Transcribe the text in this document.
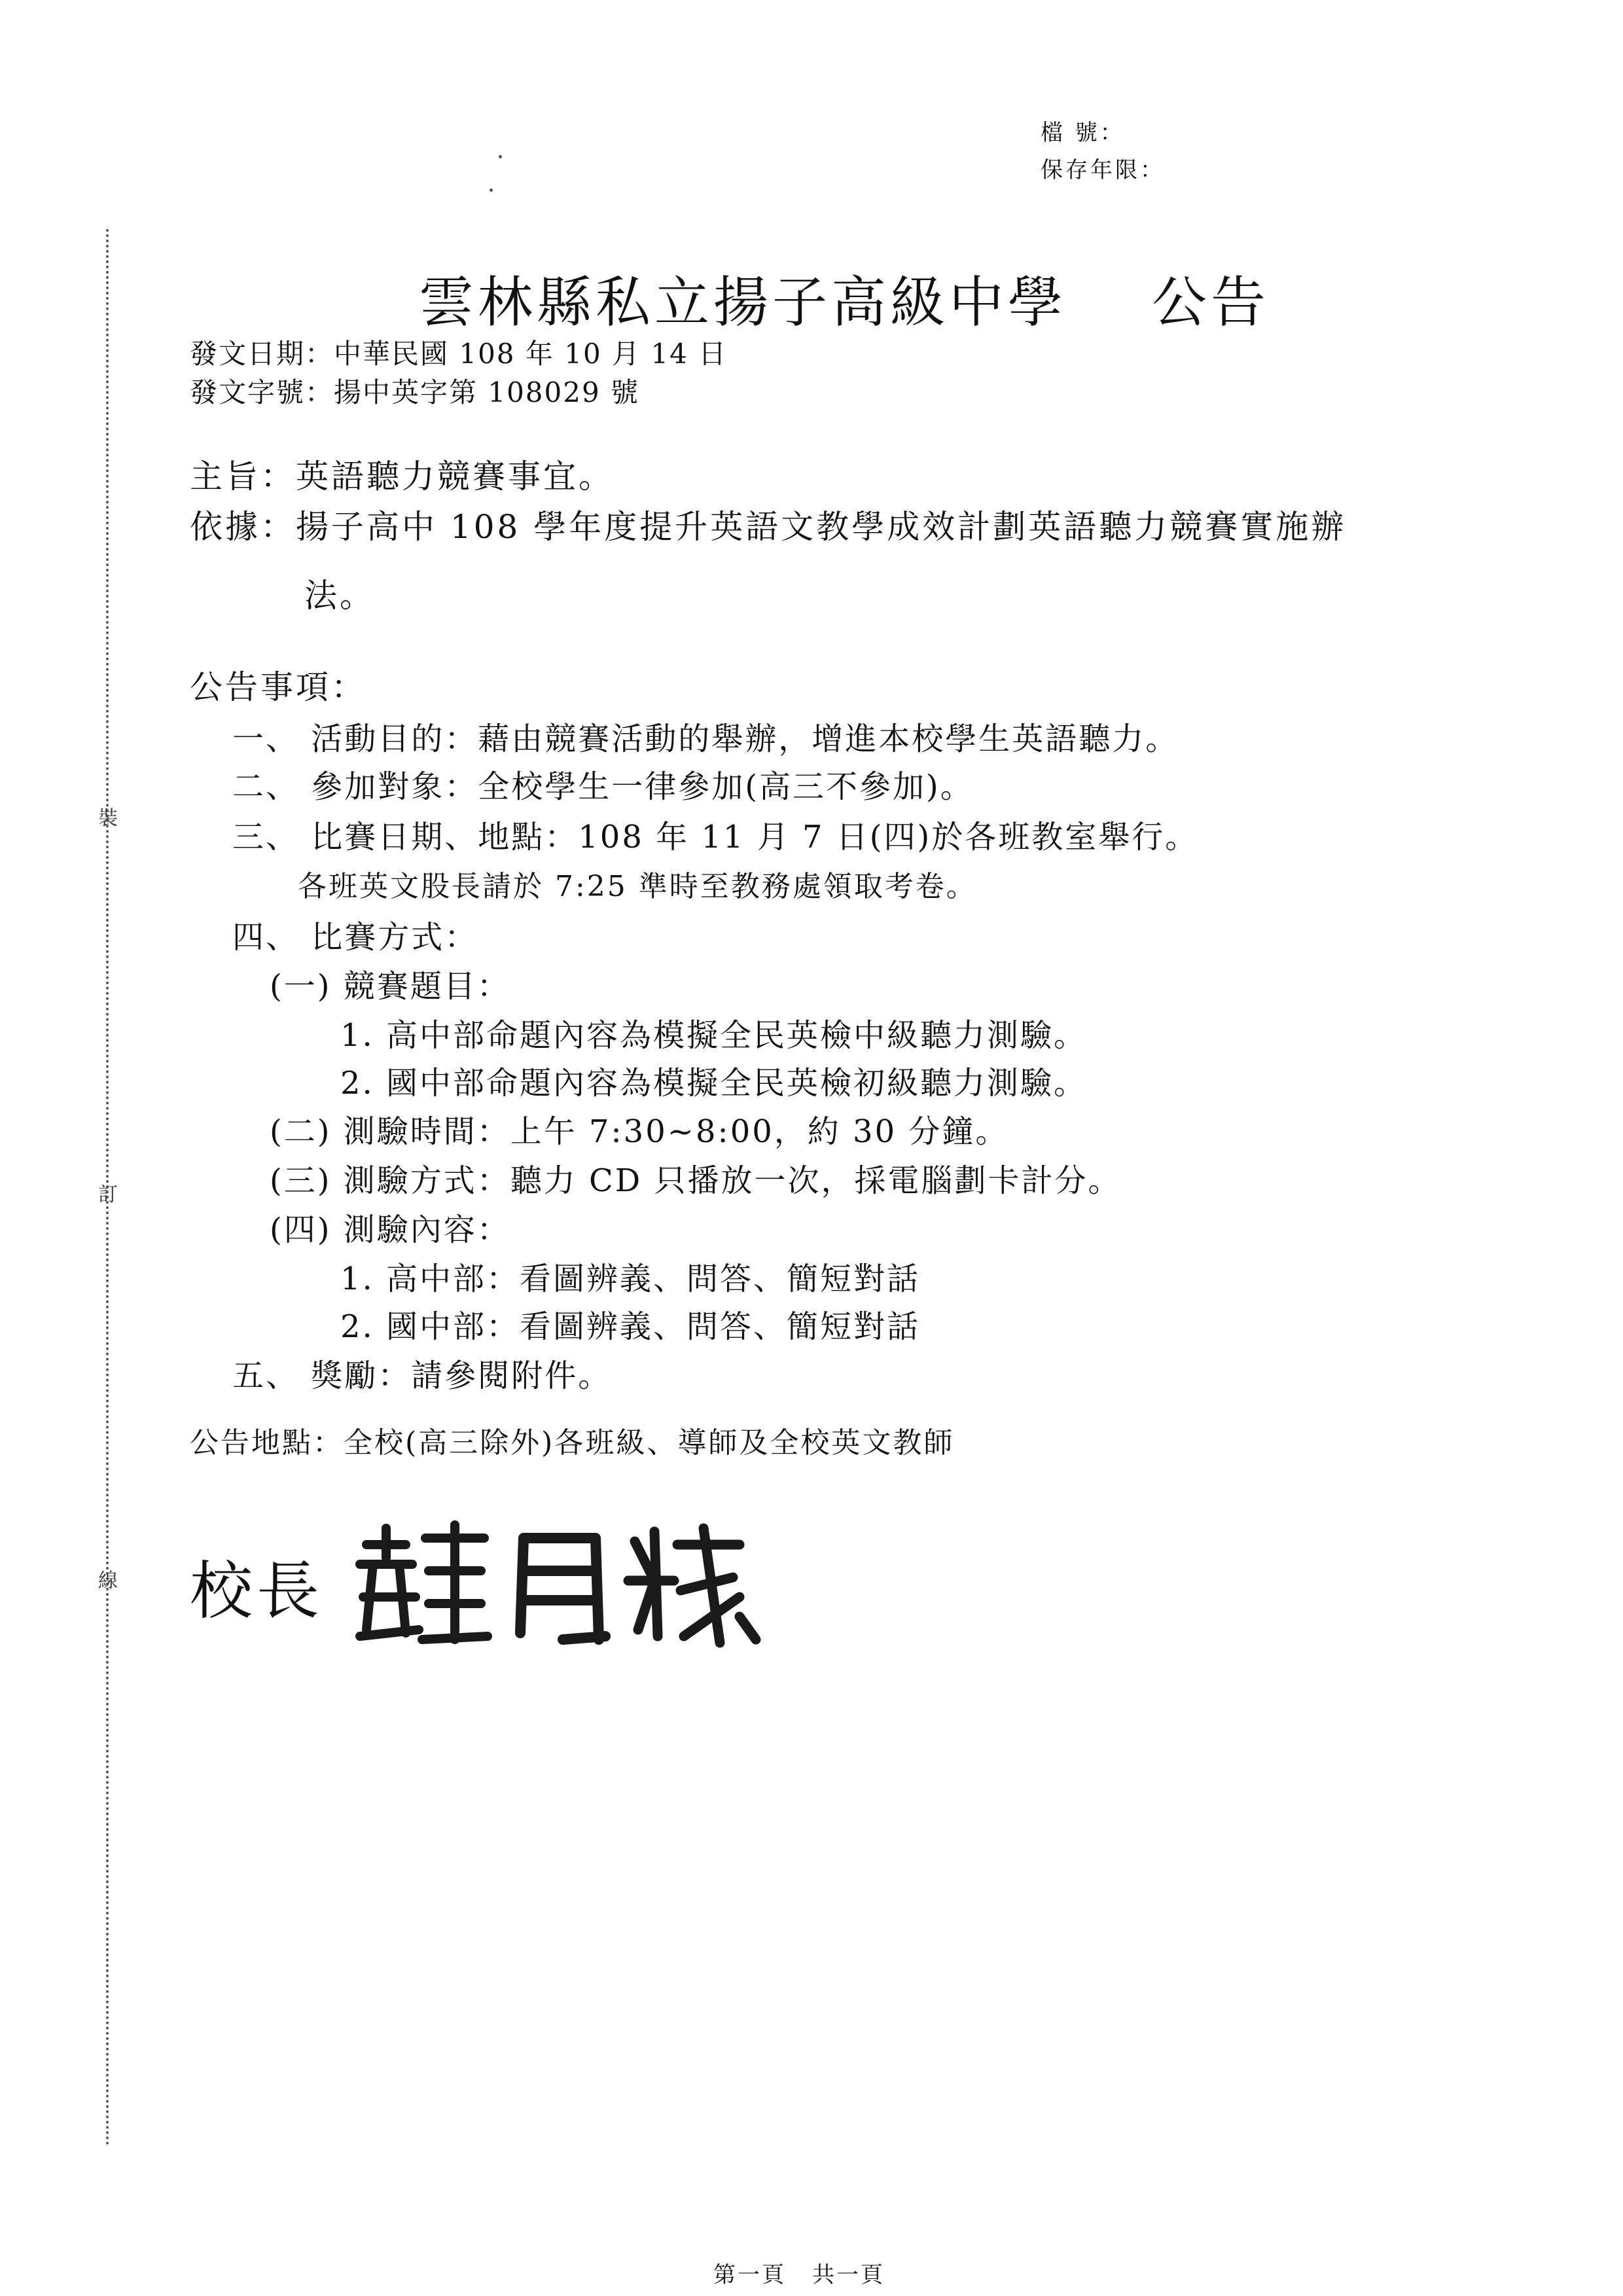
檔 號：
保存年限：
裝
訂
線
雲林縣私立揚子高級中學 公告
發文日期：中華民國 108 年 10 月 14 日
發文字號：揚中英字第 108029 號
主旨：英語聽力競賽事宜。
依據：揚子高中 108 學年度提升英語文教學成效計劃英語聽力競賽實施辦
法。
公告事項：
一、 活動目的：藉由競賽活動的舉辦，增進本校學生英語聽力。
二、 參加對象：全校學生一律參加(高三不參加)。
三、 比賽日期、地點：108 年 11 月 7 日(四)於各班教室舉行。
各班英文股長請於 7:25 準時至教務處領取考卷。
四、 比賽方式：
(一) 競賽題目：
1. 高中部命題內容為模擬全民英檢中級聽力測驗。
2. 國中部命題內容為模擬全民英檢初級聽力測驗。
(二) 測驗時間：上午 7:30~8:00，約 30 分鐘。
(三) 測驗方式：聽力 CD 只播放一次，採電腦劃卡計分。
(四) 測驗內容：
1. 高中部：看圖辨義、問答、簡短對話
2. 國中部：看圖辨義、問答、簡短對話
五、 獎勵：請參閱附件。
公告地點：全校(高三除外)各班級、導師及全校英文教師
校長
第一頁 共一頁
